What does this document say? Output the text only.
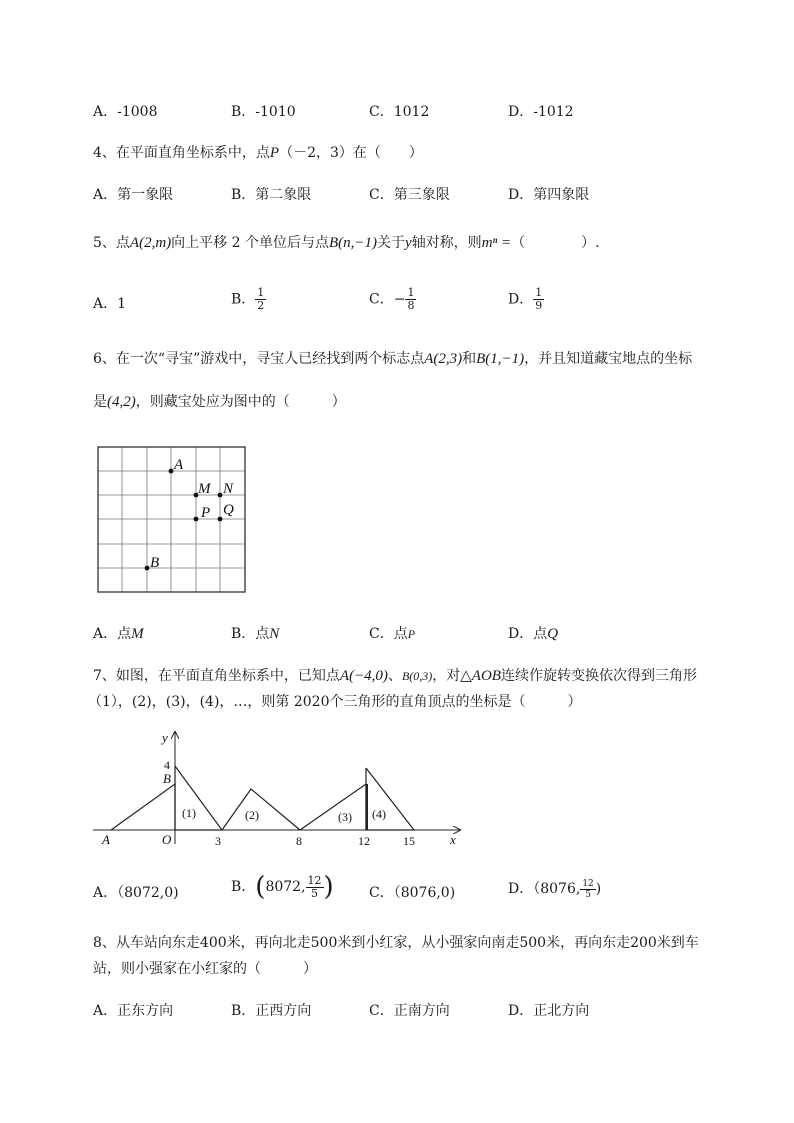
A．-1008	B．-1010	C．1012	D．-1012
4、在平面直角坐标系中，点P（－2，3）在（　　）
A．第一象限	B．第二象限	C．第三象限	D．第四象限
5、点A(2,m)向上平移 2 个单位后与点B(n,−1)关于y轴对称，则mⁿ =（　　　　）.
A．1	B． $\frac{1}{2}$	C．− $\frac{1}{8}$	D． $\frac{1}{9}$
6、在一次“寻宝”游戏中，寻宝人已经找到两个标志点A(2,3)和B(1,−1)，并且知道藏宝地点的坐标
是(4,2)，则藏宝处应为图中的（　　　）
A
M N
P Q
B
A．点M	B．点N	C．点P	D．点Q
7、如图，在平面直角坐标系中，已知点A(−4,0)、B(0,3)，对△AOB连续作旋转变换依次得到三角形
（1），(2)，(3)，(4)，…，则第 2020个三角形的直角顶点的坐标是（　　　）
y
x
4
B
O
A	3	8	12	15
(1)	(2)	(3) (4)
A．（8072,0)	B．(8072, $\frac{12}{5}$ )	C．（8076,0)	D．（8076, $\frac{12}{5}$ )
8、从车站向东走400米，再向北走500米到小红家，从小强家向南走500米，再向东走200米到车
站，则小强家在小红家的（　　　）
A．正东方向	B．正西方向	C．正南方向	D．正北方向
